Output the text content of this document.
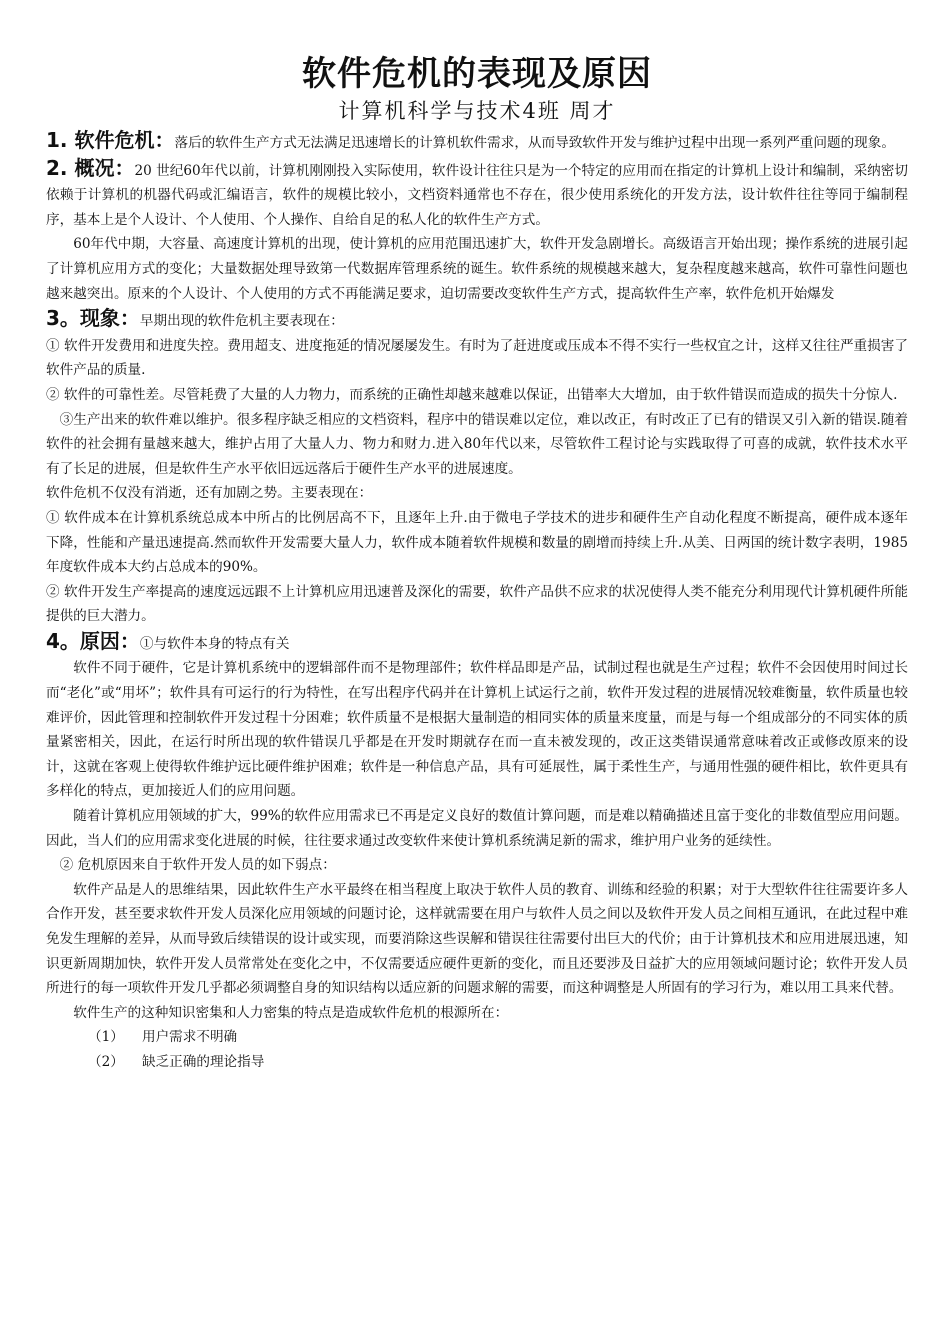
软件危机的表现及原因
计算机科学与技术4班 周才

1. 软件危机：落后的软件生产方式无法满足迅速增长的计算机软件需求，从而导致软件开发与维护过程中出现一系列严重问题的现象。

2. 概况：20 世纪60年代以前，计算机刚刚投入实际使用，软件设计往往只是为一个特定的应用而在指定的计算机上设计和编制，采纳密切依赖于计算机的机器代码或汇编语言，软件的规模比较小，文档资料通常也不存在，很少使用系统化的开发方法，设计软件往往等同于编制程序，基本上是个人设计、个人使用、个人操作、自给自足的私人化的软件生产方式。

60年代中期，大容量、高速度计算机的出现，使计算机的应用范围迅速扩大，软件开发急剧增长。高级语言开始出现；操作系统的进展引起了计算机应用方式的变化；大量数据处理导致第一代数据库管理系统的诞生。软件系统的规模越来越大，复杂程度越来越高，软件可靠性问题也越来越突出。原来的个人设计、个人使用的方式不再能满足要求，迫切需要改变软件生产方式，提高软件生产率，软件危机开始爆发

3。现象：早期出现的软件危机主要表现在：

① 软件开发费用和进度失控。费用超支、进度拖延的情况屡屡发生。有时为了赶进度或压成本不得不实行一些权宜之计，这样又往往严重损害了软件产品的质量.

② 软件的可靠性差。尽管耗费了大量的人力物力，而系统的正确性却越来越难以保证，出错率大大增加，由于软件错误而造成的损失十分惊人.

③生产出来的软件难以维护。很多程序缺乏相应的文档资料，程序中的错误难以定位，难以改正，有时改正了已有的错误又引入新的错误.随着软件的社会拥有量越来越大，维护占用了大量人力、物力和财力.进入80年代以来，尽管软件工程讨论与实践取得了可喜的成就，软件技术水平有了长足的进展，但是软件生产水平依旧远远落后于硬件生产水平的进展速度。

软件危机不仅没有消逝，还有加剧之势。主要表现在：

① 软件成本在计算机系统总成本中所占的比例居高不下，且逐年上升.由于微电子学技术的进步和硬件生产自动化程度不断提高，硬件成本逐年下降，性能和产量迅速提高.然而软件开发需要大量人力，软件成本随着软件规模和数量的剧增而持续上升.从美、日两国的统计数字表明，1985年度软件成本大约占总成本的90%。

② 软件开发生产率提高的速度远远跟不上计算机应用迅速普及深化的需要，软件产品供不应求的状况使得人类不能充分利用现代计算机硬件所能提供的巨大潜力。

4。原因：①与软件本身的特点有关

软件不同于硬件，它是计算机系统中的逻辑部件而不是物理部件；软件样品即是产品，试制过程也就是生产过程；软件不会因使用时间过长而“老化”或“用坏”；软件具有可运行的行为特性，在写出程序代码并在计算机上试运行之前，软件开发过程的进展情况较难衡量，软件质量也较难评价，因此管理和控制软件开发过程十分困难；软件质量不是根据大量制造的相同实体的质量来度量，而是与每一个组成部分的不同实体的质量紧密相关，因此，在运行时所出现的软件错误几乎都是在开发时期就存在而一直未被发现的，改正这类错误通常意味着改正或修改原来的设计，这就在客观上使得软件维护远比硬件维护困难；软件是一种信息产品，具有可延展性，属于柔性生产，与通用性强的硬件相比，软件更具有多样化的特点，更加接近人们的应用问题。

随着计算机应用领域的扩大，99%的软件应用需求已不再是定义良好的数值计算问题，而是难以精确描述且富于变化的非数值型应用问题。因此，当人们的应用需求变化进展的时候，往往要求通过改变软件来使计算机系统满足新的需求，维护用户业务的延续性。

② 危机原因来自于软件开发人员的如下弱点：

软件产品是人的思维结果，因此软件生产水平最终在相当程度上取决于软件人员的教育、训练和经验的积累；对于大型软件往往需要许多人合作开发，甚至要求软件开发人员深化应用领域的问题讨论，这样就需要在用户与软件人员之间以及软件开发人员之间相互通讯，在此过程中难免发生理解的差异，从而导致后续错误的设计或实现，而要消除这些误解和错误往往需要付出巨大的代价；由于计算机技术和应用进展迅速，知识更新周期加快，软件开发人员常常处在变化之中，不仅需要适应硬件更新的变化，而且还要涉及日益扩大的应用领域问题讨论；软件开发人员所进行的每一项软件开发几乎都必须调整自身的知识结构以适应新的问题求解的需要，而这种调整是人所固有的学习行为，难以用工具来代替。

软件生产的这种知识密集和人力密集的特点是造成软件危机的根源所在：

（1） 用户需求不明确

（2） 缺乏正确的理论指导
